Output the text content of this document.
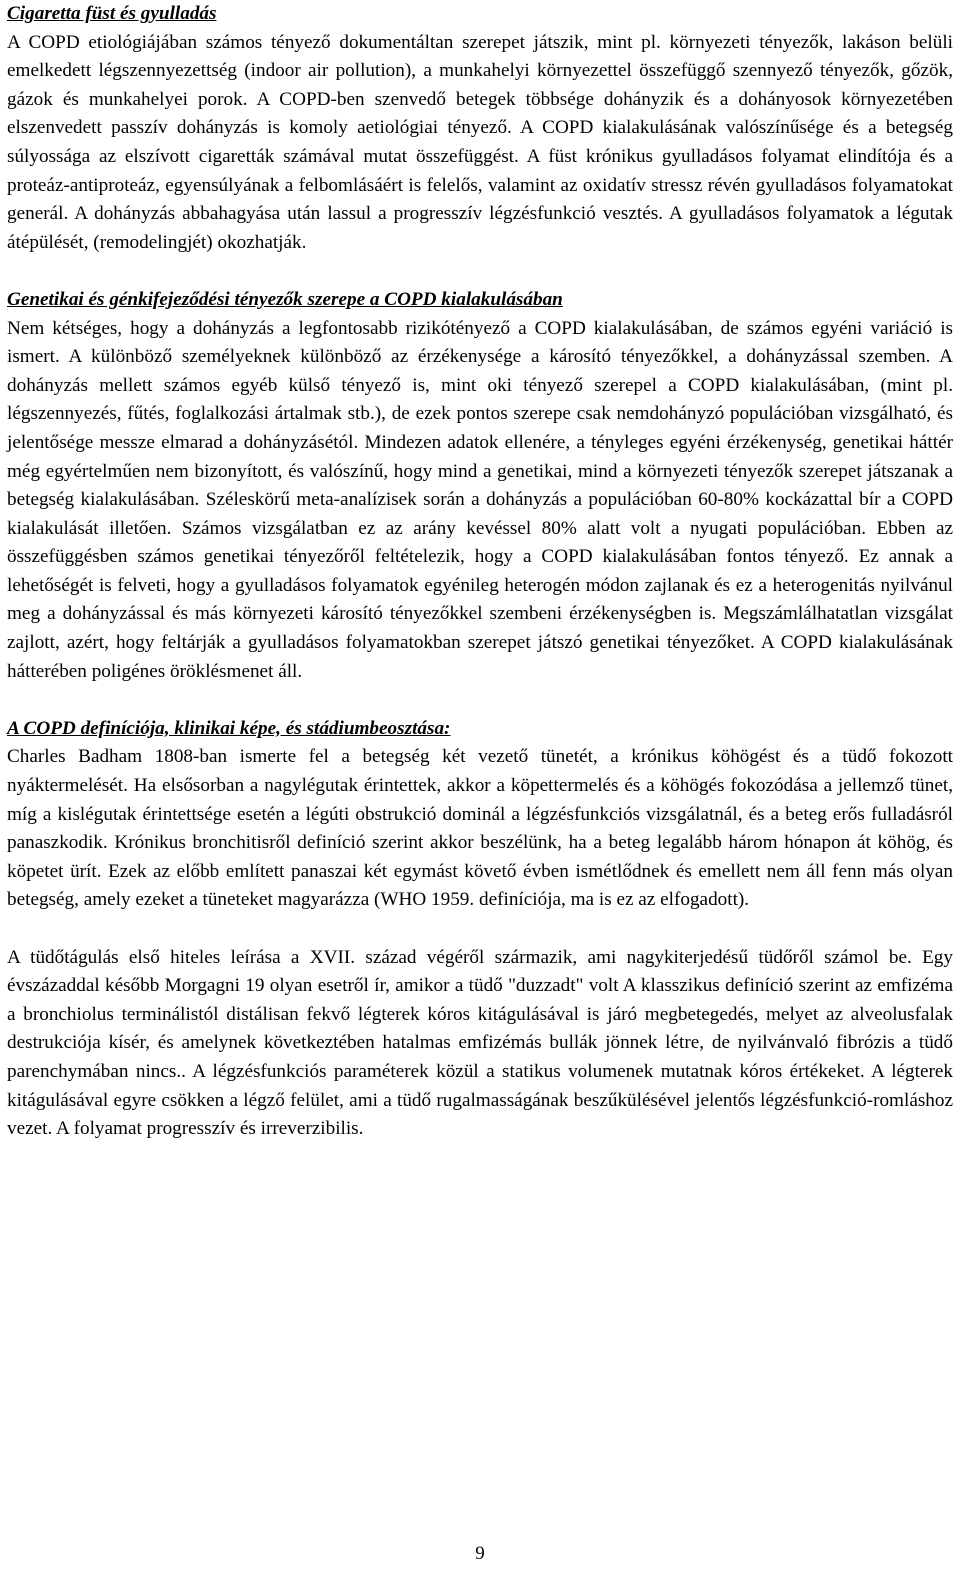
Cigaretta füst és gyulladás

A COPD etiológiájában számos tényező dokumentáltan szerepet játszik, mint pl. környezeti tényezők, lakáson belüli emelkedett légszennyezettség (indoor air pollution), a munkahelyi környezettel összefüggő szennyező tényezők, gőzök, gázok és munkahelyei porok. A COPD-ben szenvedő betegek többsége dohányzik és a dohányosok környezetében elszenvedett passzív dohányzás is komoly aetiológiai tényező. A COPD kialakulásának valószínűsége és a betegség súlyossága az elszívott cigaretták számával mutat összefüggést. A füst krónikus gyulladásos folyamat elindítója és a proteáz-antiproteáz, egyensúlyának a felbomlásáért is felelős, valamint az oxidatív stressz révén gyulladásos folyamatokat generál. A dohányzás abbahagyása után lassul a progresszív légzésfunkció vesztés. A gyulladásos folyamatok a légutak átépülését, (remodelingjét) okozhatják.

Genetikai és génkifejeződési tényezők szerepe a COPD kialakulásában

Nem kétséges, hogy a dohányzás a legfontosabb rizikótényező a COPD kialakulásában, de számos egyéni variáció is ismert. A különböző személyeknek különböző az érzékenysége a károsító tényezőkkel, a dohányzással szemben. A dohányzás mellett számos egyéb külső tényező is, mint oki tényező szerepel a COPD kialakulásában, (mint pl. légszennyezés, fűtés, foglalkozási ártalmak stb.), de ezek pontos szerepe csak nemdohányzó populációban vizsgálható, és jelentősége messze elmarad a dohányzásétól. Mindezen adatok ellenére, a tényleges egyéni érzékenység, genetikai háttér még egyértelműen nem bizonyított, és valószínű, hogy mind a genetikai, mind a környezeti tényezők szerepet játszanak a betegség kialakulásában. Széleskörű meta-analízisek során a dohányzás a populációban 60-80% kockázattal bír a COPD kialakulását illetően. Számos vizsgálatban ez az arány kevéssel 80% alatt volt a nyugati populációban. Ebben az összefüggésben számos genetikai tényezőről feltételezik, hogy a COPD kialakulásában fontos tényező. Ez annak a lehetőségét is felveti, hogy a gyulladásos folyamatok egyénileg heterogén módon zajlanak és ez a heterogenitás nyilvánul meg a dohányzással és más környezeti károsító tényezőkkel szembeni érzékenységben is. Megszámlálhatatlan vizsgálat zajlott, azért, hogy feltárják a gyulladásos folyamatokban szerepet játszó genetikai tényezőket. A COPD kialakulásának hátterében poligénes öröklésmenet áll.

A COPD definíciója, klinikai képe, és stádiumbeosztása:

Charles Badham 1808-ban ismerte fel a betegség két vezető tünetét, a krónikus köhögést és a tüdő fokozott nyáktermelését. Ha elsősorban a nagylégutak érintettek, akkor a köpettermelés és a köhögés fokozódása a jellemző tünet, míg a kislégutak érintettsége esetén a légúti obstrukció dominál a légzésfunkciós vizsgálatnál, és a beteg erős fulladásról panaszkodik. Krónikus bronchitisről definíció szerint akkor beszélünk, ha a beteg legalább három hónapon át köhög, és köpetet ürít. Ezek az előbb említett panaszai két egymást követő évben ismétlődnek és emellett nem áll fenn más olyan betegség, amely ezeket a tüneteket magyarázza (WHO 1959. definíciója, ma is ez az elfogadott).

A tüdőtágulás első hiteles leírása a XVII. század végéről származik, ami nagykiterjedésű tüdőről számol be. Egy évszázaddal később Morgagni 19 olyan esetről ír, amikor a tüdő "duzzadt" volt A klasszikus definíció szerint az emfizéma a bronchiolus terminálistól distálisan fekvő légterek kóros kitágulásával is járó megbetegedés, melyet az alveolusfalak destrukciója kísér, és amelynek következtében hatalmas emfizémás bullák jönnek létre, de nyilvánvaló fibrózis a tüdő parenchymában nincs.. A légzésfunkciós paraméterek közül a statikus volumenek mutatnak kóros értékeket. A légterek kitágulásával egyre csökken a légző felület, ami a tüdő rugalmasságának beszűkülésével jelentős légzésfunkció-romláshoz vezet. A folyamat progresszív és irreverzibilis.

9
